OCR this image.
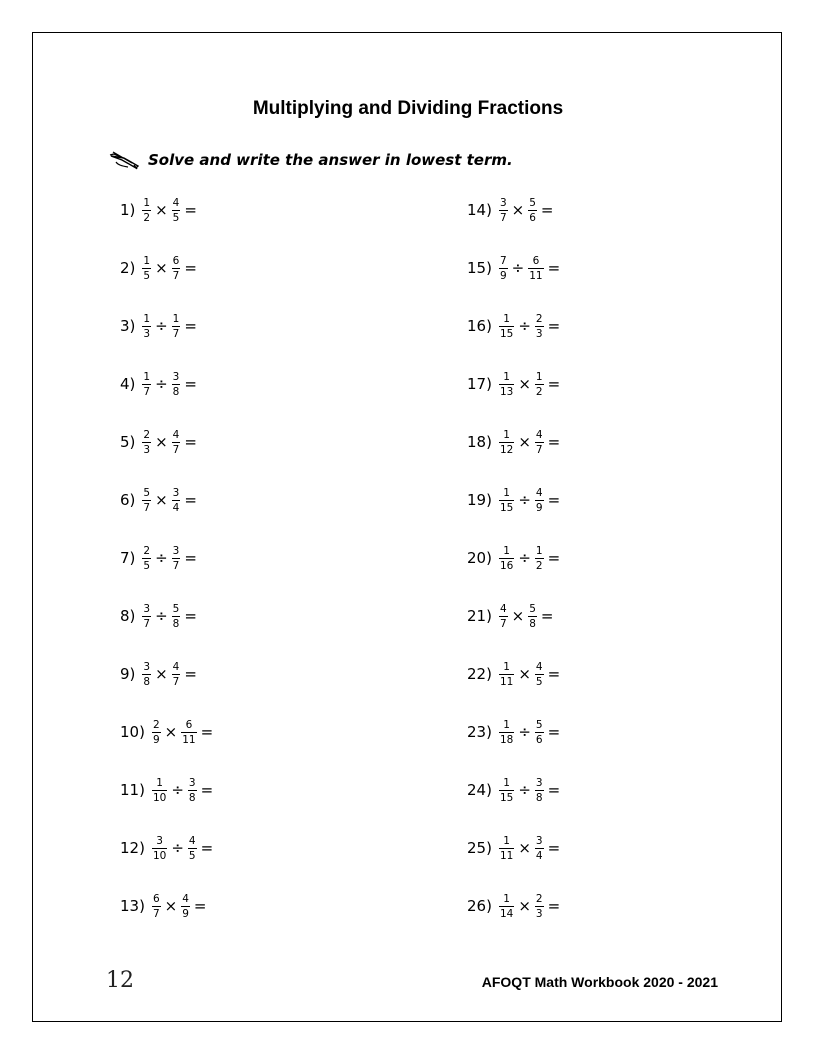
Multiplying and Dividing Fractions
Solve and write the answer in lowest term.
$1) \frac{1}{2} \times \frac{4}{5}$ =
$2) \frac{1}{5} \times \frac{6}{7}$ =
$3) \frac{1}{3} \div \frac{1}{7}$ =
$4) \frac{1}{7} \div \frac{3}{8}$ =
$5) \frac{2}{3} \times \frac{4}{7}$ =
$6) \frac{5}{7} \times \frac{3}{4}$ =
$7) \frac{2}{5} \div \frac{3}{7}$ =
$8) \frac{3}{7} \div \frac{5}{8}$ =
$9) \frac{3}{8} \times \frac{4}{7}$ =
$10) \frac{2}{9} \times \frac{6}{11}$ =
$11) \frac{1}{10} \div \frac{3}{8}$ =
$12) \frac{3}{10} \div \frac{4}{5}$ =
$13) \frac{6}{7} \times \frac{4}{9}$ =
$14) \frac{3}{7} \times \frac{5}{6}$ =
$15) \frac{7}{9} \div \frac{6}{11}$ =
$16) \frac{1}{15} \div \frac{2}{3}$ =
$17) \frac{1}{13} \times \frac{1}{2}$ =
$18) \frac{1}{12} \times \frac{4}{7}$ =
$19) \frac{1}{15} \div \frac{4}{9}$ =
$20) \frac{1}{16} \div \frac{1}{2}$ =
$21) \frac{4}{7} \times \frac{5}{8}$ =
$22) \frac{1}{11} \times \frac{4}{5}$ =
$23) \frac{1}{18} \div \frac{5}{6}$ =
$24) \frac{1}{15} \div \frac{3}{8}$ =
$25) \frac{1}{11} \times \frac{3}{4}$ =
$26) \frac{1}{14} \times \frac{2}{3}$ =
12	AFOQT Math Workbook 2020 - 2021
